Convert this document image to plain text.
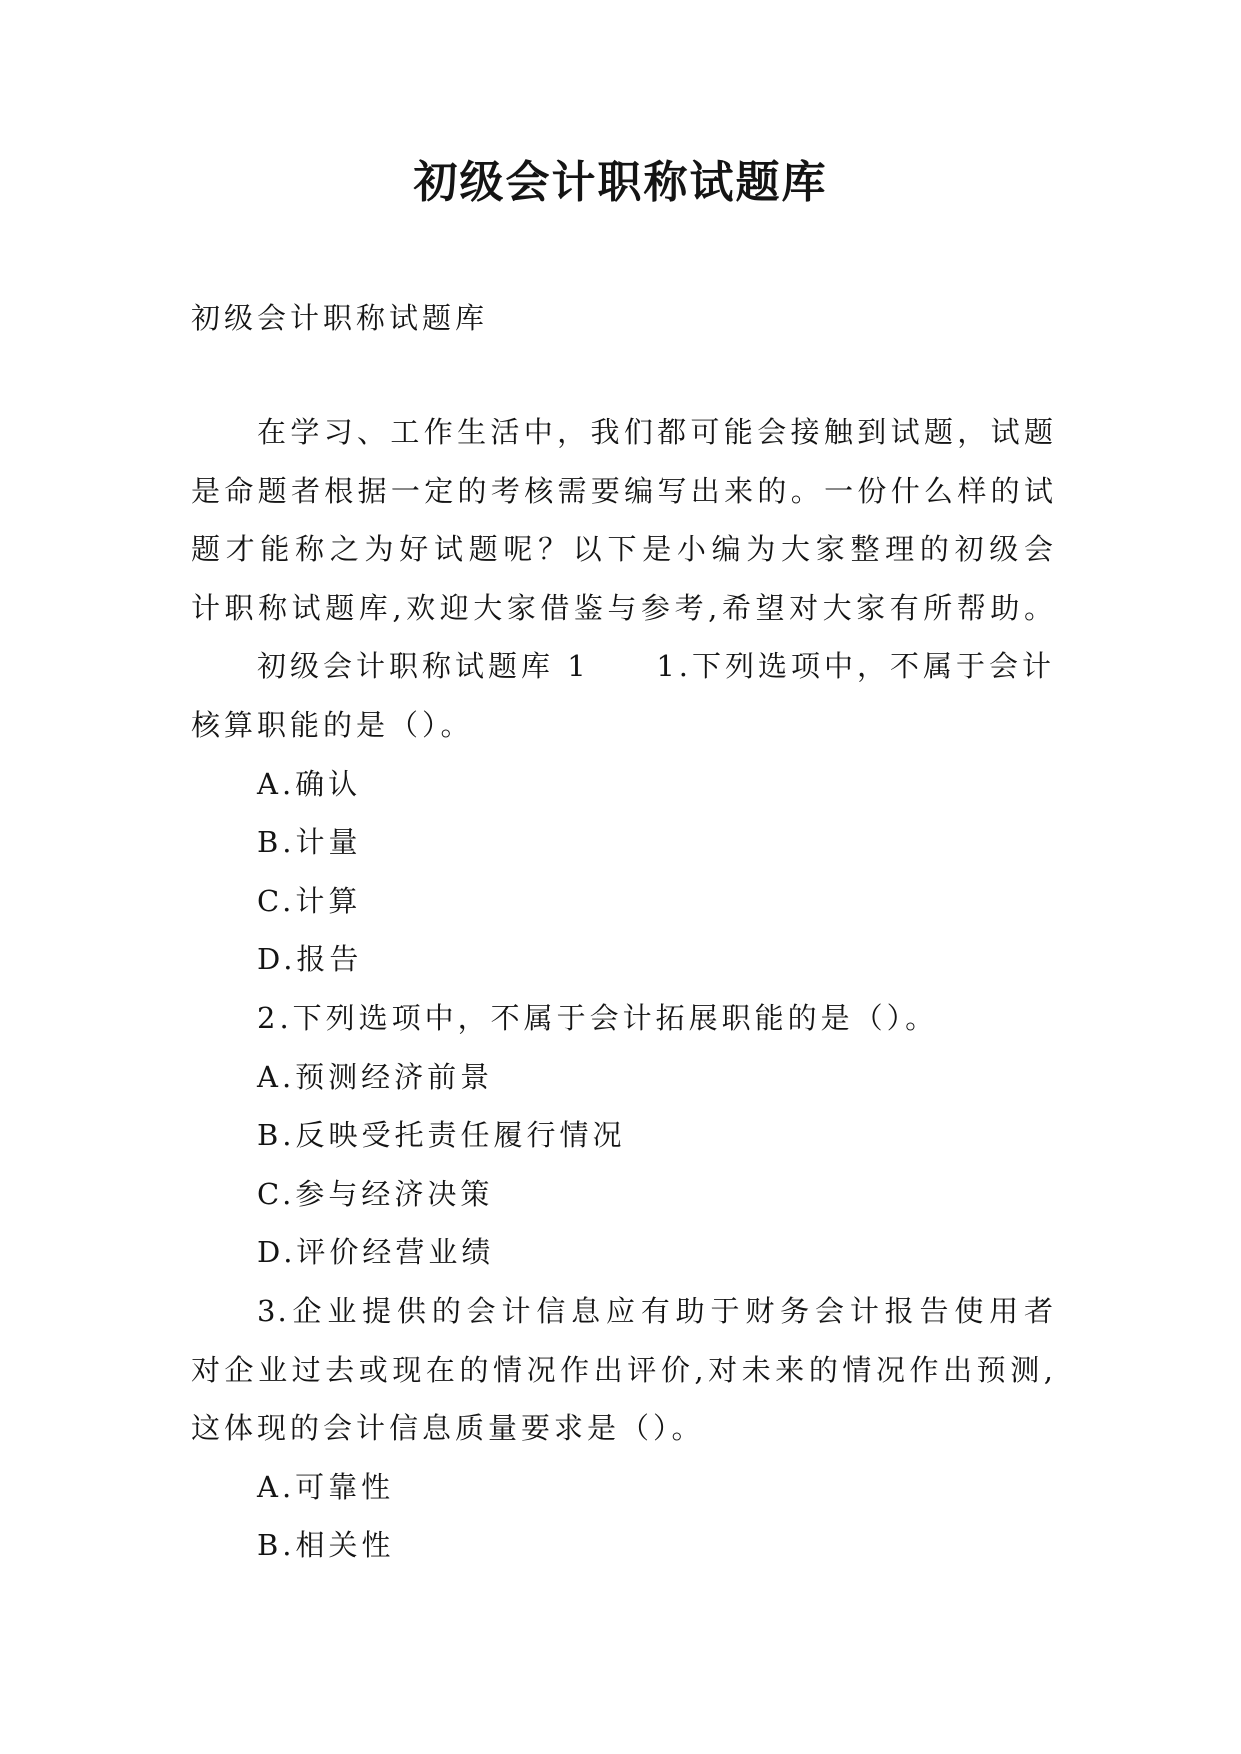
初级会计职称试题库
初级会计职称试题库
在学习、工作生活中，我们都可能会接触到试题，试题
是命题者根据一定的考核需要编写出来的。一份什么样的试
题才能称之为好试题呢？以下是小编为大家整理的初级会
计职称试题库,欢迎大家借鉴与参考,希望对大家有所帮助。
初级会计职称试题库 1 1.下列选项中，不属于会计
核算职能的是（）。
A.确认
B.计量
C.计算
D.报告
2.下列选项中，不属于会计拓展职能的是（）。
A.预测经济前景
B.反映受托责任履行情况
C.参与经济决策
D.评价经营业绩
3.企业提供的会计信息应有助于财务会计报告使用者
对企业过去或现在的情况作出评价,对未来的情况作出预测,
这体现的会计信息质量要求是（）。
A.可靠性
B.相关性
